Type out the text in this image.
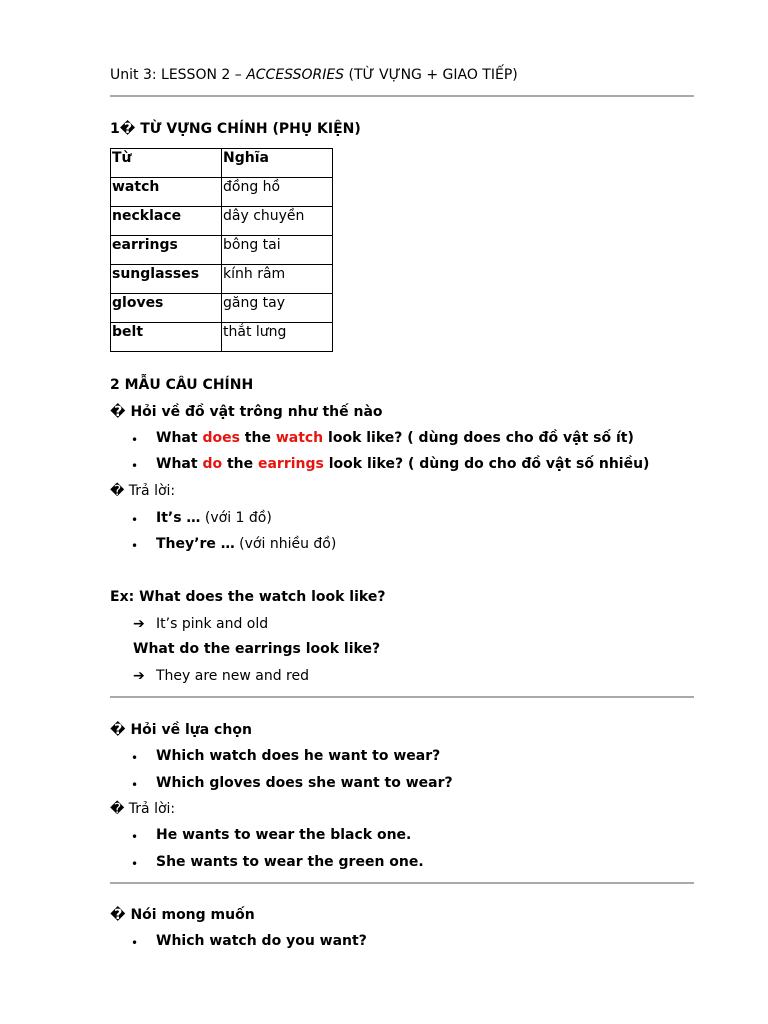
Unit 3: LESSON 2 – ACCESSORIES (TỪ VỰNG + GIAO TIẾP)
1� TỪ VỰNG CHÍNH (PHỤ KIỆN)
Từ	Nghĩa
watch	đồng hồ
necklace	dây chuyền
earrings	bông tai
sunglasses	kính râm
gloves	găng tay
belt	thắt lưng
2 MẪU CÂU CHÍNH
� Hỏi về đồ vật trông như thế nào
• What does the watch look like? ( dùng does cho đồ vật số ít)
• What do the earrings look like? ( dùng do cho đồ vật số nhiều)
� Trả lời:
• It’s … (với 1 đồ)
• They’re … (với nhiều đồ)
Ex: What does the watch look like?
➔ It’s pink and old
What do the earrings look like?
➔ They are new and red
� Hỏi về lựa chọn
• Which watch does he want to wear?
• Which gloves does she want to wear?
� Trả lời:
• He wants to wear the black one.
• She wants to wear the green one.
� Nói mong muốn
• Which watch do you want?
